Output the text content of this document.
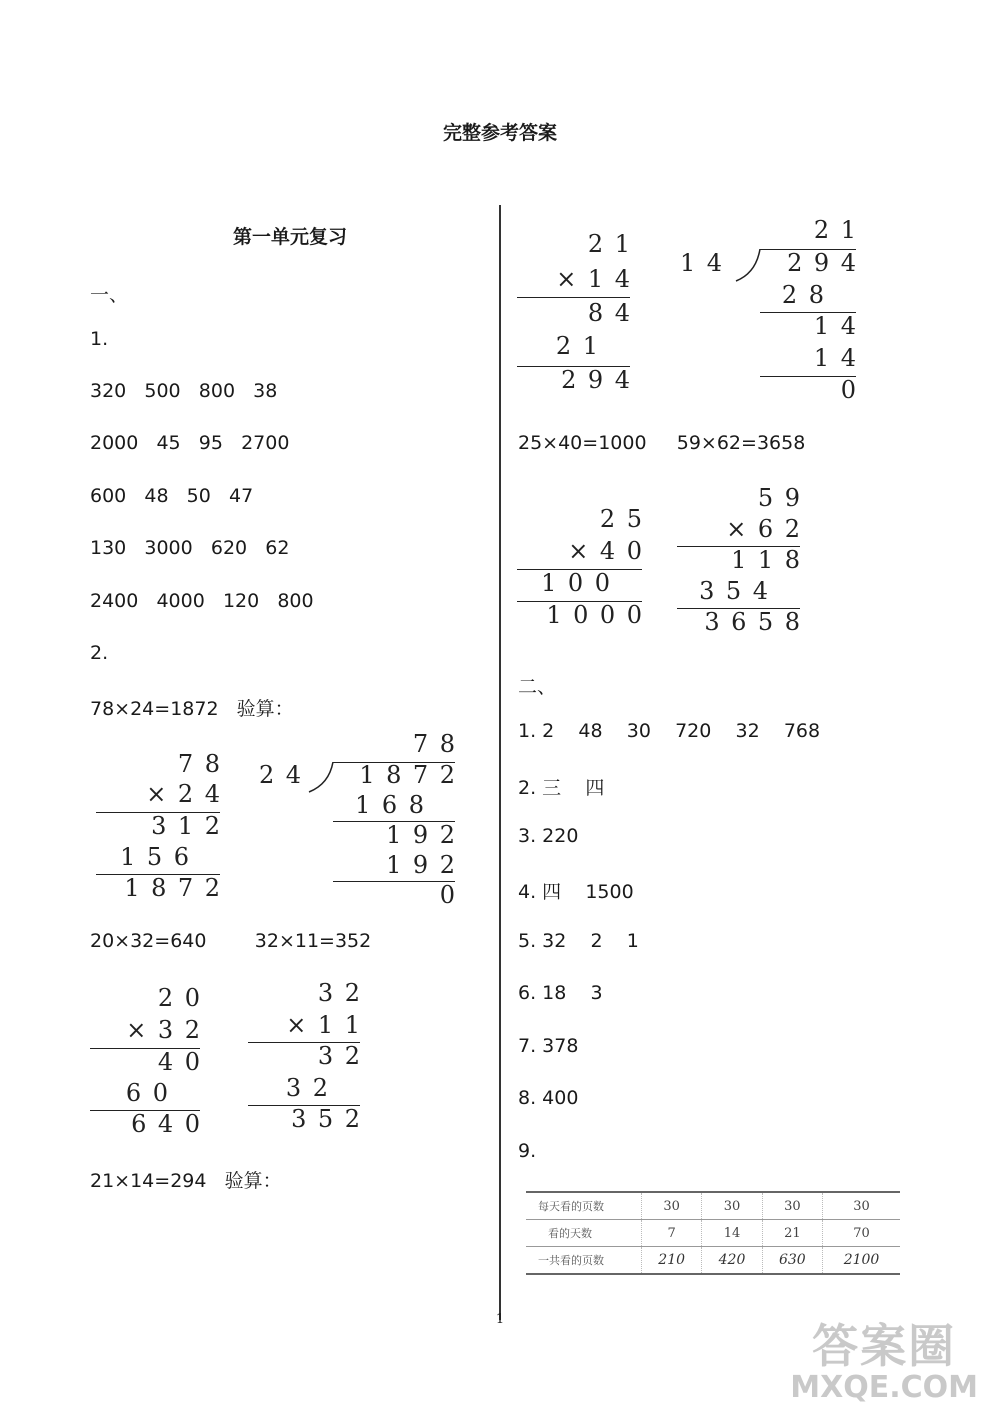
完整参考答案
第一单元复习
一、
1.
320   500   800   38
2000   45   95   2700
600   48   50   47
130   3000   620   62
2400   4000   120   800
2.
78×24=1872   验算：
78
×24
312
156
1872
78
24 1872
168
192
192
0
20×32=640        32×11=352
20
×32
40
60
640
32
×11
32
32
352
21×14=294   验算：
21
×14
84
21
294
21
14 294
28
14
14
0
25×40=1000     59×62=3658
25
×40
100
1000
59
×62
118
354
3658
二、
1. 2    48    30    720    32    768
2. 三    四
3. 220
4. 四    1500
5. 32    2    1
6. 18    3
7. 378
8. 400
9.
每天看的页数	30	30	30	30
看的天数	7	14	21	70
一共看的页数	210	420	630	2100
1	答案圈
MXQE.COM
